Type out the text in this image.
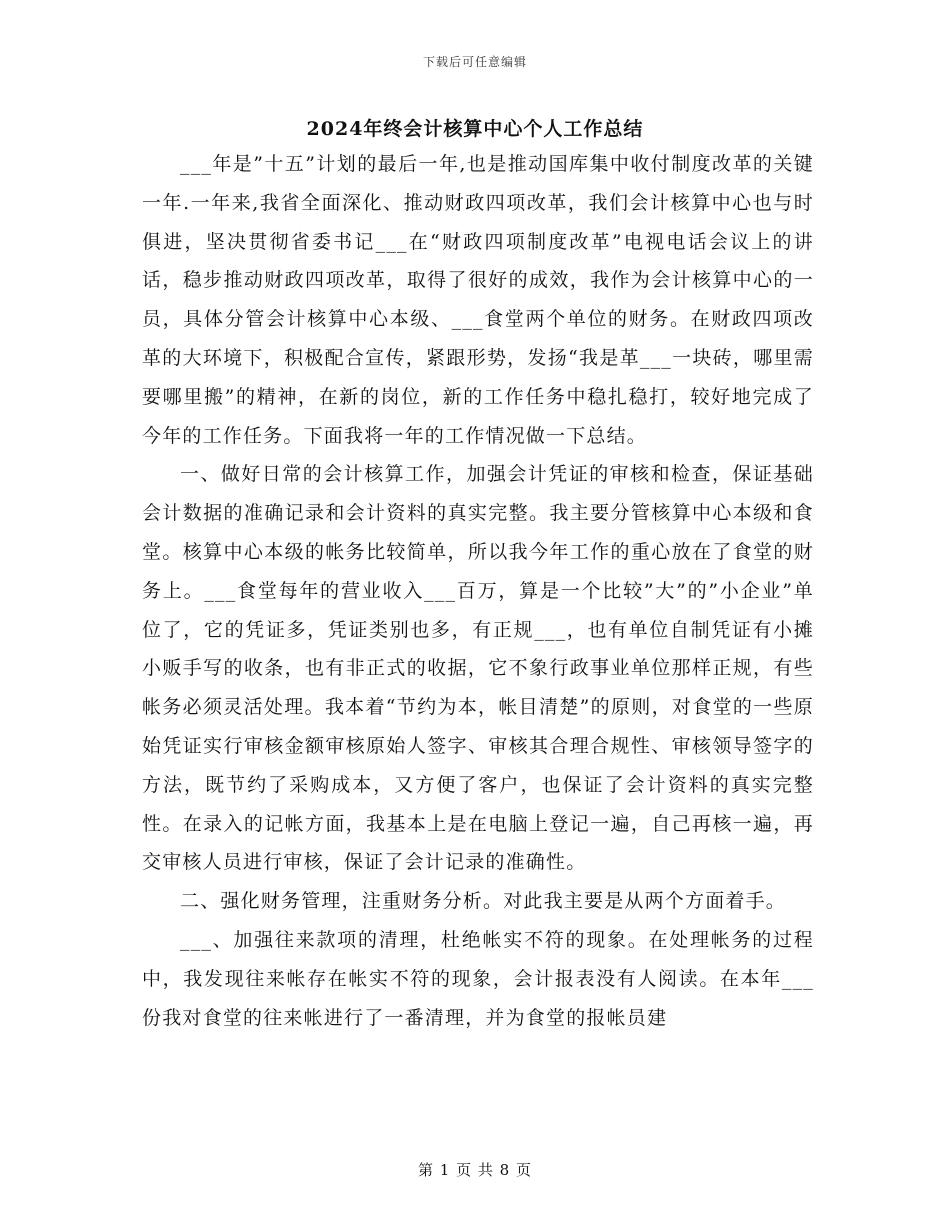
下载后可任意编辑
2024年终会计核算中心个人工作总结

___年是”十五”计划的最后一年,也是推动国库集中收付制度改革的关键一年.一年来,我省全面深化、推动财政四项改革，我们会计核算中心也与时俱进，坚决贯彻省委书记___在“财政四项制度改革”电视电话会议上的讲话，稳步推动财政四项改革，取得了很好的成效，我作为会计核算中心的一员，具体分管会计核算中心本级、___食堂两个单位的财务。在财政四项改革的大环境下，积极配合宣传，紧跟形势，发扬“我是革___一块砖，哪里需要哪里搬”的精神，在新的岗位，新的工作任务中稳扎稳打，较好地完成了今年的工作任务。下面我将一年的工作情况做一下总结。

一、做好日常的会计核算工作，加强会计凭证的审核和检查，保证基础会计数据的准确记录和会计资料的真实完整。我主要分管核算中心本级和食堂。核算中心本级的帐务比较简单，所以我今年工作的重心放在了食堂的财务上。___食堂每年的营业收入___百万，算是一个比较”大”的”小企业”单位了，它的凭证多，凭证类别也多，有正规___，也有单位自制凭证有小摊小贩手写的收条，也有非正式的收据，它不象行政事业单位那样正规，有些帐务必须灵活处理。我本着“节约为本，帐目清楚”的原则，对食堂的一些原始凭证实行审核金额审核原始人签字、审核其合理合规性、审核领导签字的方法，既节约了采购成本，又方便了客户，也保证了会计资料的真实完整性。在录入的记帐方面，我基本上是在电脑上登记一遍，自己再核一遍，再交审核人员进行审核，保证了会计记录的准确性。

二、强化财务管理，注重财务分析。对此我主要是从两个方面着手。

___、加强往来款项的清理，杜绝帐实不符的现象。在处理帐务的过程中，我发现往来帐存在帐实不符的现象，会计报表没有人阅读。在本年___份我对食堂的往来帐进行了一番清理，并为食堂的报帐员建

第 1 页 共 8 页
